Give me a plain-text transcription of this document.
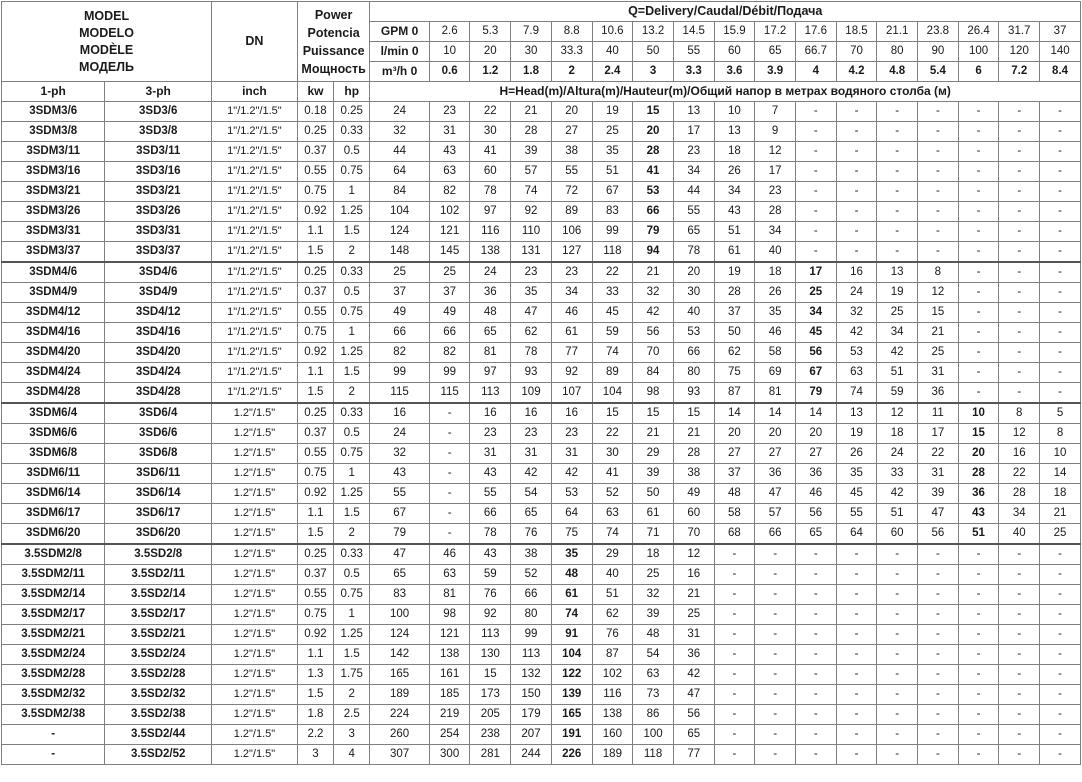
MODEL
MODELO
MODÈLE
МОДЕЛЬ		DN	Power
Potencia
Puissance
Мощность		Q=Delivery/Caudal/Débit/Подача																
					GPM 0	2.6	5.3	7.9	8.8	10.6	13.2	14.5	15.9	17.2	17.6	18.5	21.1	23.8	26.4	31.7	37
					l/min 0	10	20	30	33.3	40	50	55	60	65	66.7	70	80	90	100	120	140
					m³/h 0	0.6	1.2	1.8	2	2.4	3	3.3	3.6	3.9	4	4.2	4.8	5.4	6	7.2	8.4
1-ph	3-ph	inch	kw	hp	H=Head(m)/Altura(m)/Hauteur(m)/Общий напор в метрах водяного столба (м)																
3SDM3/6	3SD3/6	1"/1.2"/1.5"	0.18	0.25	24	23	22	21	20	19	15	13	10	7	-	-	-	-	-	-	-
3SDM3/8	3SD3/8	1"/1.2"/1.5"	0.25	0.33	32	31	30	28	27	25	20	17	13	9	-	-	-	-	-	-	-
3SDM3/11	3SD3/11	1"/1.2"/1.5"	0.37	0.5	44	43	41	39	38	35	28	23	18	12	-	-	-	-	-	-	-
3SDM3/16	3SD3/16	1"/1.2"/1.5"	0.55	0.75	64	63	60	57	55	51	41	34	26	17	-	-	-	-	-	-	-
3SDM3/21	3SD3/21	1"/1.2"/1.5"	0.75	1	84	82	78	74	72	67	53	44	34	23	-	-	-	-	-	-	-
3SDM3/26	3SD3/26	1"/1.2"/1.5"	0.92	1.25	104	102	97	92	89	83	66	55	43	28	-	-	-	-	-	-	-
3SDM3/31	3SD3/31	1"/1.2"/1.5"	1.1	1.5	124	121	116	110	106	99	79	65	51	34	-	-	-	-	-	-	-
3SDM3/37	3SD3/37	1"/1.2"/1.5"	1.5	2	148	145	138	131	127	118	94	78	61	40	-	-	-	-	-	-	-
3SDM4/6	3SD4/6	1"/1.2"/1.5"	0.25	0.33	25	25	24	23	23	22	21	20	19	18	17	16	13	8	-	-	-
3SDM4/9	3SD4/9	1"/1.2"/1.5"	0.37	0.5	37	37	36	35	34	33	32	30	28	26	25	24	19	12	-	-	-
3SDM4/12	3SD4/12	1"/1.2"/1.5"	0.55	0.75	49	49	48	47	46	45	42	40	37	35	34	32	25	15	-	-	-
3SDM4/16	3SD4/16	1"/1.2"/1.5"	0.75	1	66	66	65	62	61	59	56	53	50	46	45	42	34	21	-	-	-
3SDM4/20	3SD4/20	1"/1.2"/1.5"	0.92	1.25	82	82	81	78	77	74	70	66	62	58	56	53	42	25	-	-	-
3SDM4/24	3SD4/24	1"/1.2"/1.5"	1.1	1.5	99	99	97	93	92	89	84	80	75	69	67	63	51	31	-	-	-
3SDM4/28	3SD4/28	1"/1.2"/1.5"	1.5	2	115	115	113	109	107	104	98	93	87	81	79	74	59	36	-	-	-
3SDM6/4	3SD6/4	1.2"/1.5"	0.25	0.33	16	-	16	16	16	15	15	15	14	14	14	13	12	11	10	8	5
3SDM6/6	3SD6/6	1.2"/1.5"	0.37	0.5	24	-	23	23	23	22	21	21	20	20	20	19	18	17	15	12	8
3SDM6/8	3SD6/8	1.2"/1.5"	0.55	0.75	32	-	31	31	31	30	29	28	27	27	27	26	24	22	20	16	10
3SDM6/11	3SD6/11	1.2"/1.5"	0.75	1	43	-	43	42	42	41	39	38	37	36	36	35	33	31	28	22	14
3SDM6/14	3SD6/14	1.2"/1.5"	0.92	1.25	55	-	55	54	53	52	50	49	48	47	46	45	42	39	36	28	18
3SDM6/17	3SD6/17	1.2"/1.5"	1.1	1.5	67	-	66	65	64	63	61	60	58	57	56	55	51	47	43	34	21
3SDM6/20	3SD6/20	1.2"/1.5"	1.5	2	79	-	78	76	75	74	71	70	68	66	65	64	60	56	51	40	25
3.5SDM2/8	3.5SD2/8	1.2"/1.5"	0.25	0.33	47	46	43	38	35	29	18	12	-	-	-	-	-	-	-	-	-
3.5SDM2/11	3.5SD2/11	1.2"/1.5"	0.37	0.5	65	63	59	52	48	40	25	16	-	-	-	-	-	-	-	-	-
3.5SDM2/14	3.5SD2/14	1.2"/1.5"	0.55	0.75	83	81	76	66	61	51	32	21	-	-	-	-	-	-	-	-	-
3.5SDM2/17	3.5SD2/17	1.2"/1.5"	0.75	1	100	98	92	80	74	62	39	25	-	-	-	-	-	-	-	-	-
3.5SDM2/21	3.5SD2/21	1.2"/1.5"	0.92	1.25	124	121	113	99	91	76	48	31	-	-	-	-	-	-	-	-	-
3.5SDM2/24	3.5SD2/24	1.2"/1.5"	1.1	1.5	142	138	130	113	104	87	54	36	-	-	-	-	-	-	-	-	-
3.5SDM2/28	3.5SD2/28	1.2"/1.5"	1.3	1.75	165	161	15	132	122	102	63	42	-	-	-	-	-	-	-	-	-
3.5SDM2/32	3.5SD2/32	1.2"/1.5"	1.5	2	189	185	173	150	139	116	73	47	-	-	-	-	-	-	-	-	-
3.5SDM2/38	3.5SD2/38	1.2"/1.5"	1.8	2.5	224	219	205	179	165	138	86	56	-	-	-	-	-	-	-	-	-
-	3.5SD2/44	1.2"/1.5"	2.2	3	260	254	238	207	191	160	100	65	-	-	-	-	-	-	-	-	-
-	3.5SD2/52	1.2"/1.5"	3	4	307	300	281	244	226	189	118	77	-	-	-	-	-	-	-	-	-
